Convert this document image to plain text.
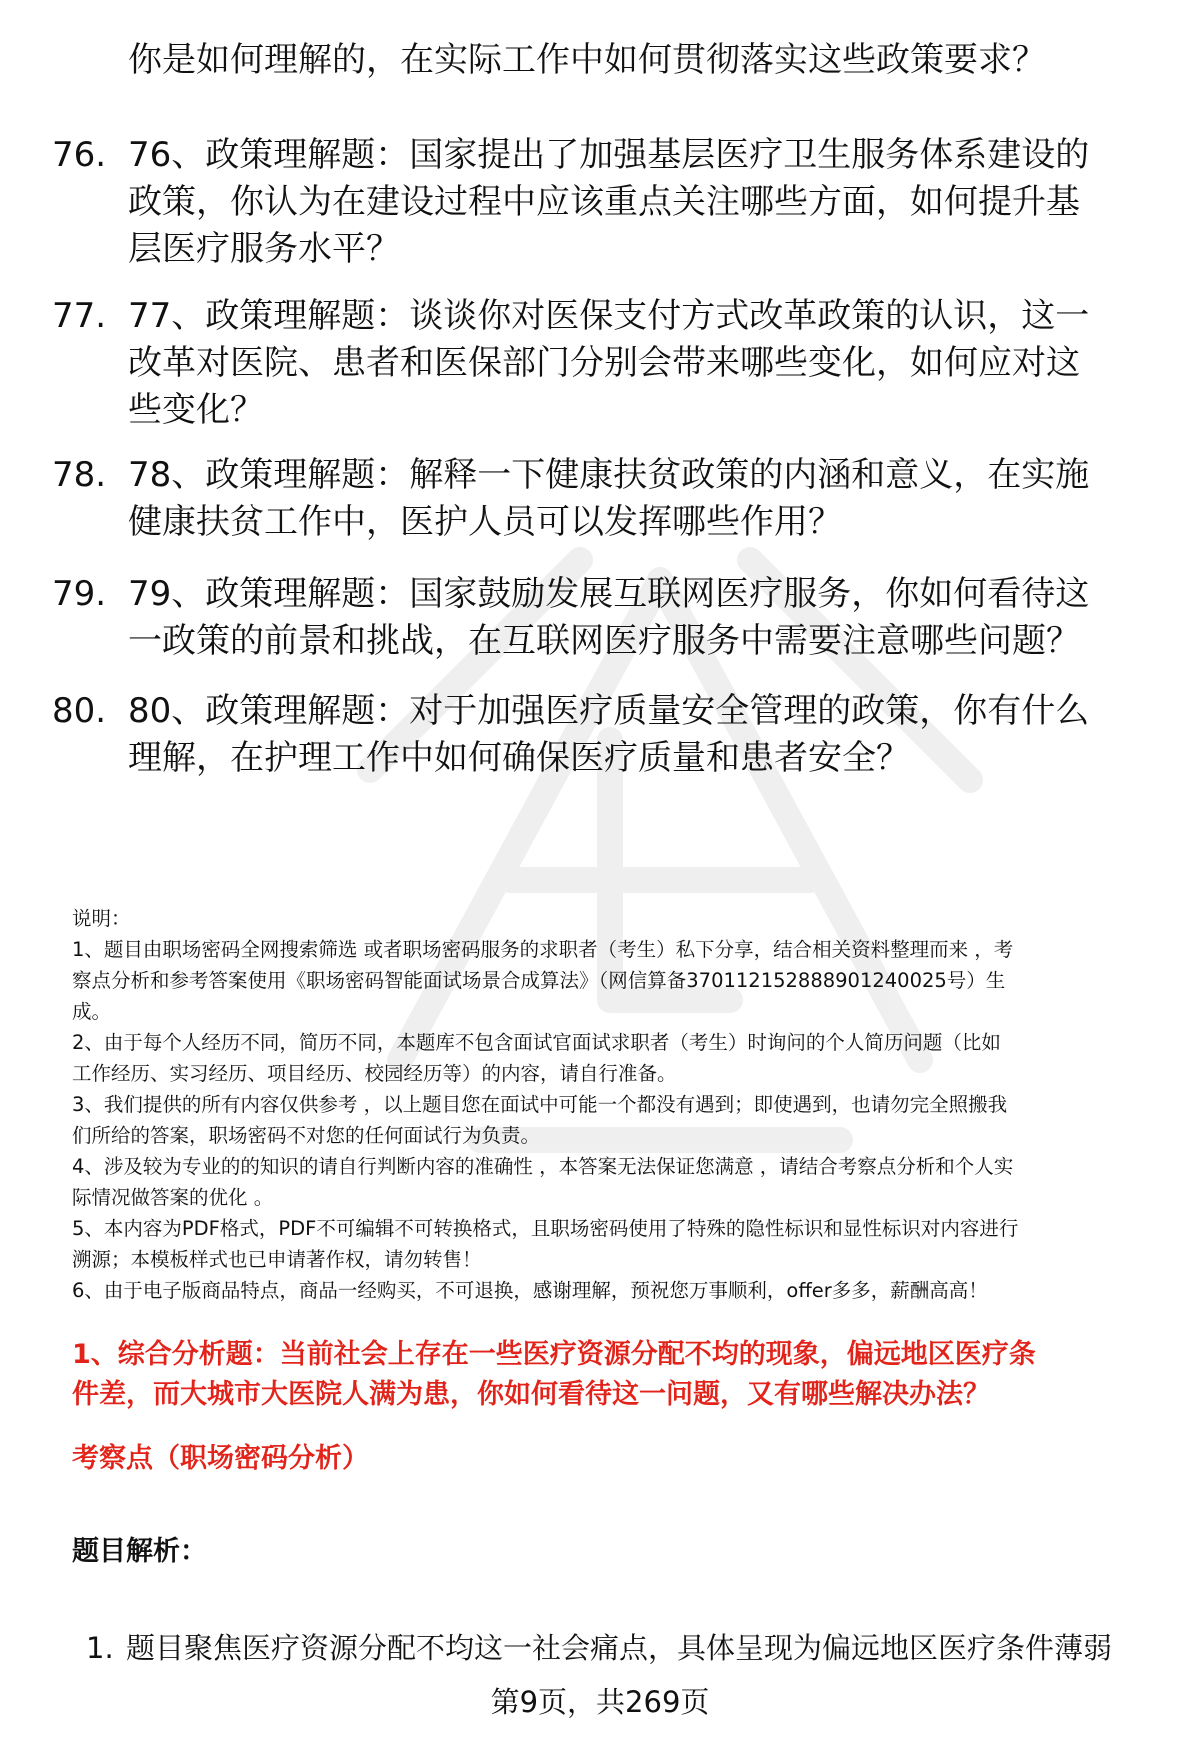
你是如何理解的，在实际工作中如何贯彻落实这些政策要求？

76. 76、政策理解题：国家提出了加强基层医疗卫生服务体系建设的
政策，你认为在建设过程中应该重点关注哪些方面，如何提升基
层医疗服务水平？

77. 77、政策理解题：谈谈你对医保支付方式改革政策的认识，这一
改革对医院、患者和医保部门分别会带来哪些变化，如何应对这
些变化？

78. 78、政策理解题：解释一下健康扶贫政策的内涵和意义，在实施
健康扶贫工作中，医护人员可以发挥哪些作用？

79. 79、政策理解题：国家鼓励发展互联网医疗服务，你如何看待这
一政策的前景和挑战，在互联网医疗服务中需要注意哪些问题？

80. 80、政策理解题：对于加强医疗质量安全管理的政策，你有什么
理解，在护理工作中如何确保医疗质量和患者安全？

说明：
1、题目由职场密码全网搜索筛选 或者职场密码服务的求职者（考生）私下分享，结合相关资料整理而来 ，考
察点分析和参考答案使用《职场密码智能面试场景合成算法》（网信算备370112152888901240025号）生
成。
2、由于每个人经历不同，简历不同，本题库不包含面试官面试求职者（考生）时询问的个人简历问题（比如
工作经历、实习经历、项目经历、校园经历等）的内容，请自行准备。
3、我们提供的所有内容仅供参考 ，以上题目您在面试中可能一个都没有遇到；即使遇到，也请勿完全照搬我
们所给的答案，职场密码不对您的任何面试行为负责。
4、涉及较为专业的的知识的请自行判断内容的准确性 ，本答案无法保证您满意 ，请结合考察点分析和个人实
际情况做答案的优化 。
5、本内容为PDF格式，PDF不可编辑不可转换格式，且职场密码使用了特殊的隐性标识和显性标识对内容进行
溯源；本模板样式也已申请著作权，请勿转售！
6、由于电子版商品特点，商品一经购买，不可退换，感谢理解，预祝您万事顺利，offer多多，薪酬高高！
1、综合分析题：当前社会上存在一些医疗资源分配不均的现象，偏远地区医疗条
件差，而大城市大医院人满为患，你如何看待这一问题，又有哪些解决办法？
考察点（职场密码分析）
题目解析：
1. 题目聚焦医疗资源分配不均这一社会痛点，具体呈现为偏远地区医疗条件薄弱
第9页，共269页
